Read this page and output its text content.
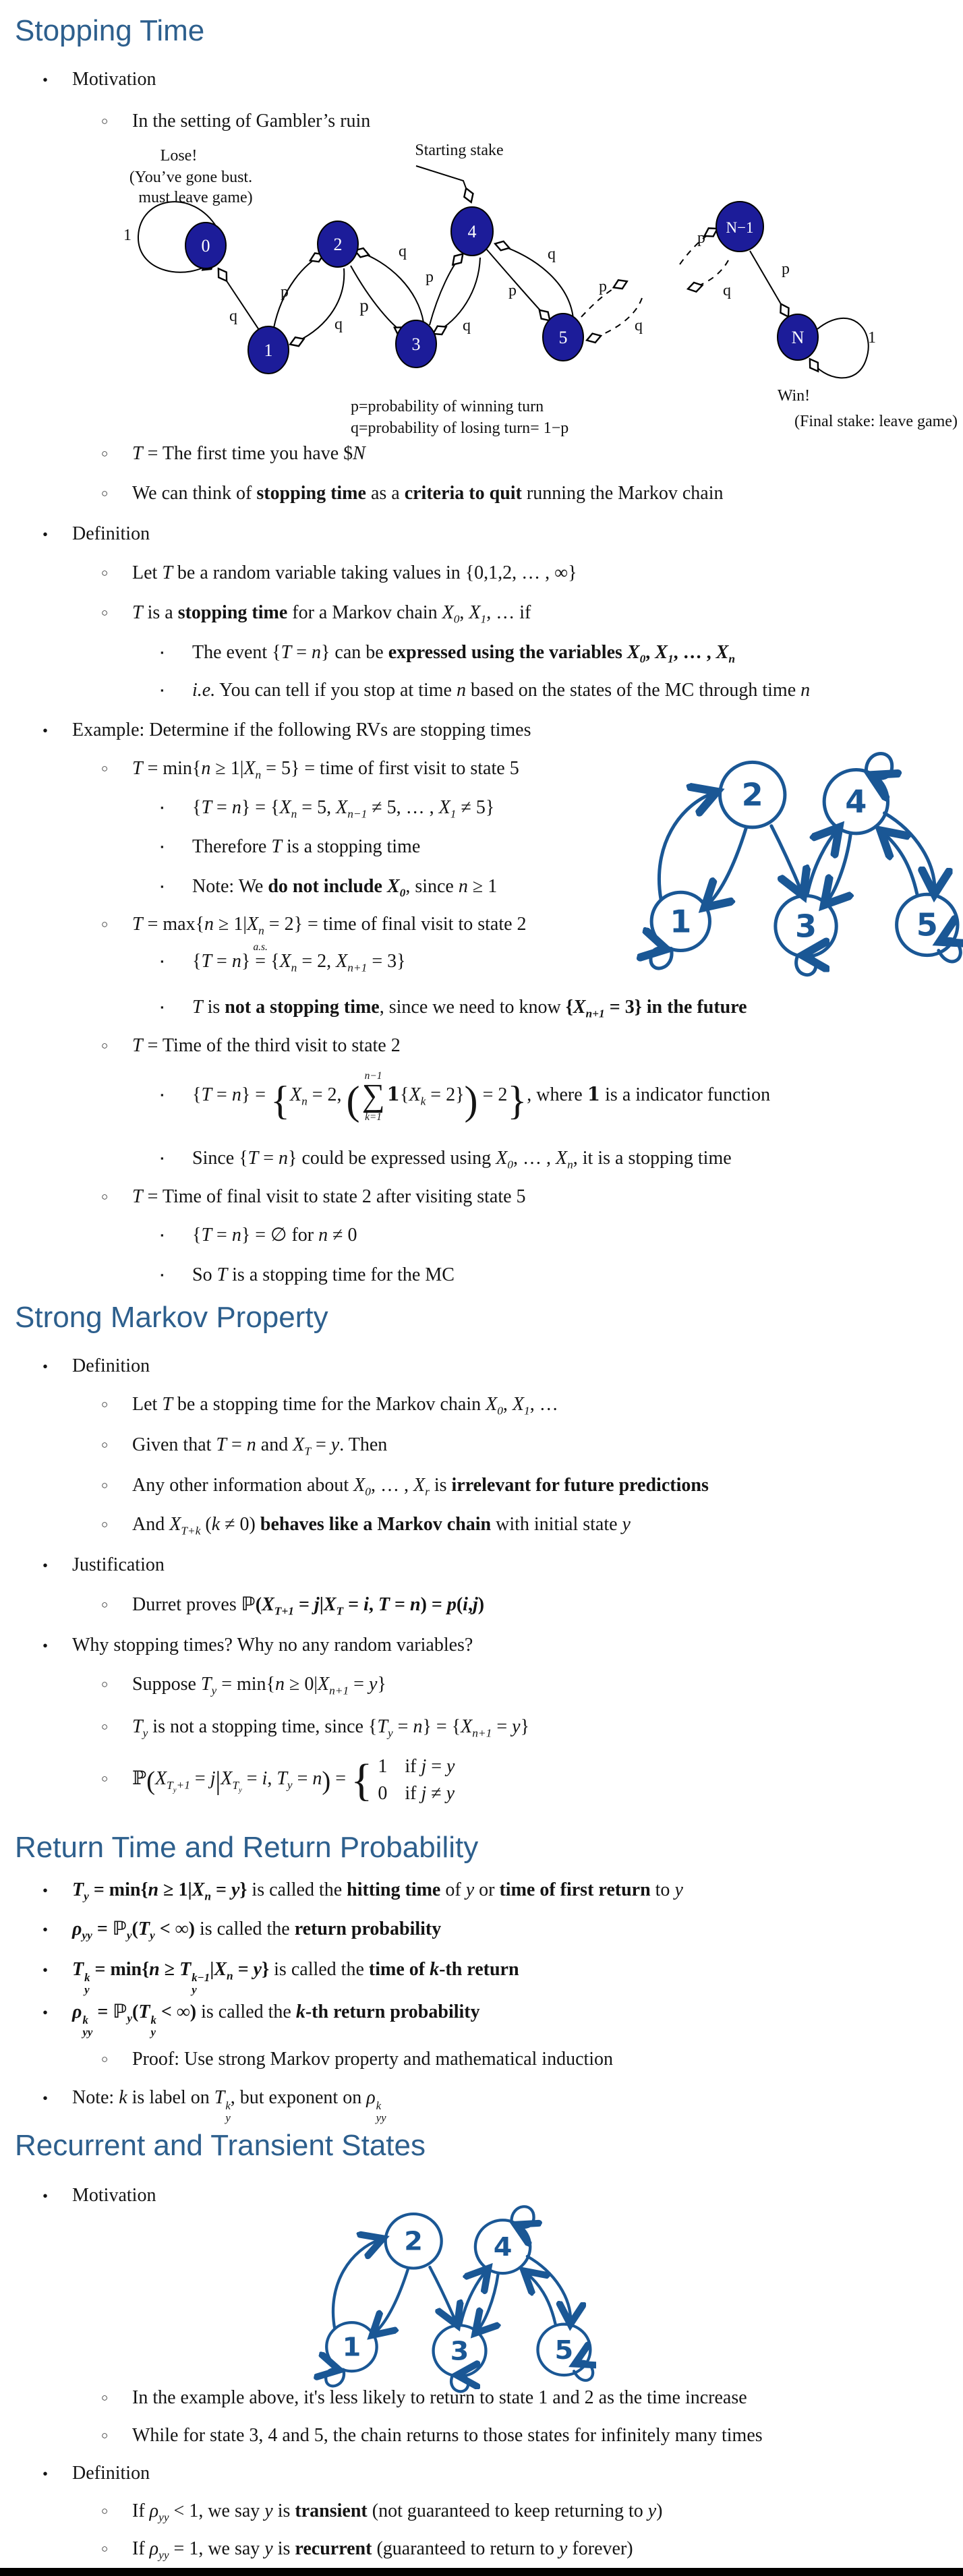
Stopping Time
• Motivation
○ In the setting of Gambler’s ruin
○ T = The first time you have $N
○ We can think of stopping time as a criteria to quit running the Markov chain
• Definition
○ Let T be a random variable taking values in {0,1,2, … , ∞}
○ T is a stopping time for a Markov chain $X_0$, $X_1$, … if
▪ The event {T = n} can be expressed using the variables $X_0$, $X_1$, … , $X_n$
▪ i.e. You can tell if you stop at time n based on the states of the MC through time n
• Example: Determine if the following RVs are stopping times
○ $T = \min\{n \ge 1|X_n = 5\}$ = time of first visit to state 5
▪ $\{T = n\} = \{X_n = 5$, $X_{n-1} \ne 5$, … , $X_1 \ne 5$}
▪ Therefore T is a stopping time
▪ Note: We do not include $X_0$, since n ≥ 1
○ $T = \max\{n \ge 1|X_n = 2\}$ = time of final visit to state 2
▪ {T = n}
a.s.
= {$X_n = 2$, $X_{n+1} = 3$}
▪ T is not a stopping time, since we need to know $\{X_{n+1} = 3\}$ in the future
○ T = Time of the third visit to state 2
▪ $\{T = n\} = \{X_n = 2$, (
n−1
∑
k=1
$1\{X_k = 2\}) = 2$}, where 1 is a indicator function
▪ Since {T = n} could be expressed using $X_0$, … , $X_n$, it is a stopping time
○ T = Time of final visit to state 2 after visiting state 5
▪ {T = n} = ∅ for n ≠ 0
▪ So T is a stopping time for the MC
Strong Markov Property
• Definition
○ Let T be a stopping time for the Markov chain $X_0$, $X_1$, …
○ Given that T = n and $X_T = y$. Then
○ Any other information about $X_0$, … , $X_r$ is irrelevant for future predictions
○ And $X_{T+k}$ (k ≠ 0) behaves like a Markov chain with initial state y
• Justification
○ Durret proves $ℙ(X_{T+1} = j|X_T = i$, T = n) = p(i,j)
• Why stopping times? Why no any random variables?
○ Suppose $T_y = \min\{n \ge 0|X_{n+1} = y\}$
○ $T_y$ is not a stopping time, since $\{T_y = n\} = \{X_{n+1} = y\}$
○ $ℙ(X_{T_y+1} = j|X_{T_y} = i$, $T_y = n$) = { 1 if j = y
0 if j ≠ y
Return Time and Return Probability
• $T_y = \min\{n \ge 1|X_n = y\}$ is called the hitting time of y or time of first return to y
• $\rho_{yy}$ = $ℙ_y(T_y$ < ∞) is called the return probability
• T k
y
= min{n ≥ T k−1
y
$|X_n = y$} is called the time of k-th return
• ρ k
yy
= ℙ$_y$(T k
y
< ∞) is called the k-th return probability
○ Proof: Use strong Markov property and mathematical induction
• Note: k is label on T k
y
, but exponent on ρ k
yy
Recurrent and Transient States
• Motivation
○ In the example above, it's less likely to return to state 1 and 2 as the time increase
○ While for state 3, 4 and 5, the chain returns to those states for infinitely many times
• Definition
○ If $\rho_{yy} < 1$, we say y is transient (not guaranteed to keep returning to y)
○ If $\rho_{yy} = 1$, we say y is recurrent (guaranteed to return to y forever)
0
1
2
3
4
5
N−1
N
1
q
p
q
q
p
p
q
p
q
p
q
p
q
p
1
Lose!
(You’ve gone bust.
must leave game)
Starting stake
Win!
(Final stake: leave game)
p=probability of winning turn
q=probability of losing turn= 1−p
1
2
3
4
5
1
2
3
4
5
